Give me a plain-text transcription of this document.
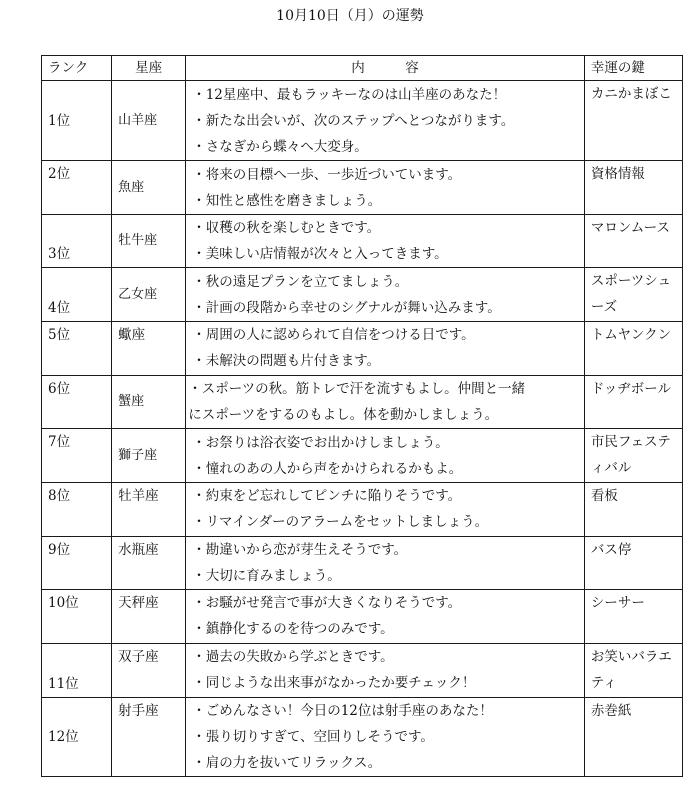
10月10日（月）の運勢
ランク	星座	内　　　容	幸運の鍵
1位	山羊座	・12星座中、最もラッキーなのは山羊座のあなた！
・新たな出会いが、次のステップへとつながります。
・さなぎから蝶々へ大変身。	カニかまぼこ
2位	魚座	・将来の目標へ一歩、一歩近づいています。
・知性と感性を磨きましょう。	資格情報
3位	牡牛座	・収穫の秋を楽しむときです。
・美味しい店情報が次々と入ってきます。	マロンムース
4位	乙女座	・秋の遠足プランを立てましょう。
・計画の段階から幸せのシグナルが舞い込みます。	スポーツシューズ
5位	蠍座	・周囲の人に認められて自信をつける日です。
・未解決の問題も片付きます。	トムヤンクン
6位	蟹座	・スポーツの秋。筋トレで汗を流すもよし。仲間と一緒
にスポーツをするのもよし。体を動かしましょう。	ドッヂボール
7位	獅子座	・お祭りは浴衣姿でお出かけしましょう。
・憧れのあの人から声をかけられるかもよ。	市民フェスティバル
8位	牡羊座	・約束をど忘れしてピンチに陥りそうです。
・リマインダーのアラームをセットしましょう。	看板
9位	水瓶座	・勘違いから恋が芽生えそうです。
・大切に育みましょう。	バス停
10位	天秤座	・お騒がせ発言で事が大きくなりそうです。
・鎮静化するのを待つのみです。	シーサー
11位	双子座	・過去の失敗から学ぶときです。
・同じような出来事がなかったか要チェック！	お笑いバラエティ
12位	射手座	・ごめんなさい！今日の12位は射手座のあなた！
・張り切りすぎて、空回りしそうです。
・肩の力を抜いてリラックス。	赤巻紙
